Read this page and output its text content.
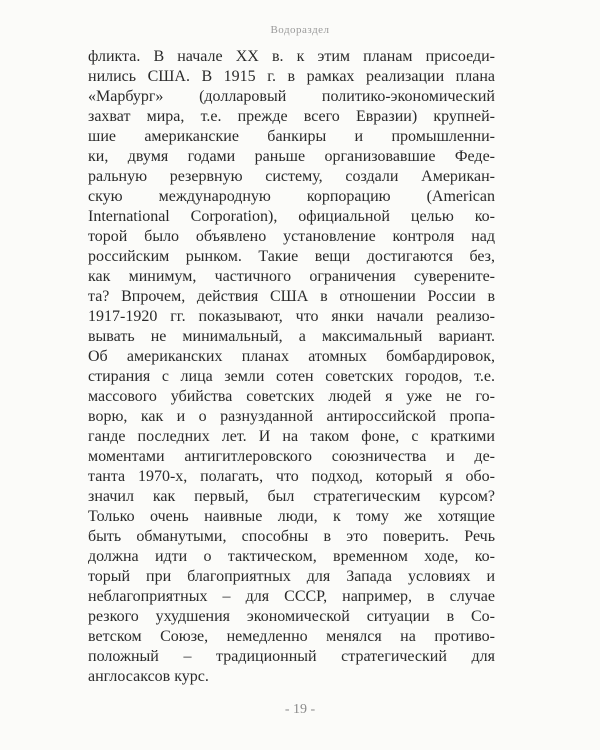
Водораздел
фликта. В начале XX в. к этим планам присоеди-
нились США. В 1915 г. в рамках реализации плана
«Марбург» (долларовый политико-экономический
захват мира, т.е. прежде всего Евразии) крупней-
шие американские банкиры и промышленни-
ки, двумя годами раньше организовавшие Феде-
ральную резервную систему, создали Американ-
скую международную корпорацию (American
International Corporation), официальной целью ко-
торой было объявлено установление контроля над
российским рынком. Такие вещи достигаются без,
как минимум, частичного ограничения суверените-
та? Впрочем, действия США в отношении России в
1917-1920 гг. показывают, что янки начали реализо-
вывать не минимальный, а максимальный вариант.
Об американских планах атомных бомбардировок,
стирания с лица земли сотен советских городов, т.е.
массового убийства советских людей я уже не го-
ворю, как и о разнузданной антироссийской пропа-
ганде последних лет. И на таком фоне, с краткими
моментами антигитлеровского союзничества и де-
танта 1970-х, полагать, что подход, который я обо-
значил как первый, был стратегическим курсом?
Только очень наивные люди, к тому же хотящие
быть обманутыми, способны в это поверить. Речь
должна идти о тактическом, временном ходе, ко-
торый при благоприятных для Запада условиях и
неблагоприятных – для СССР, например, в случае
резкого ухудшения экономической ситуации в Со-
ветском Союзе, немедленно менялся на противо-
положный – традиционный стратегический для
англосаксов курс.
- 19 -
